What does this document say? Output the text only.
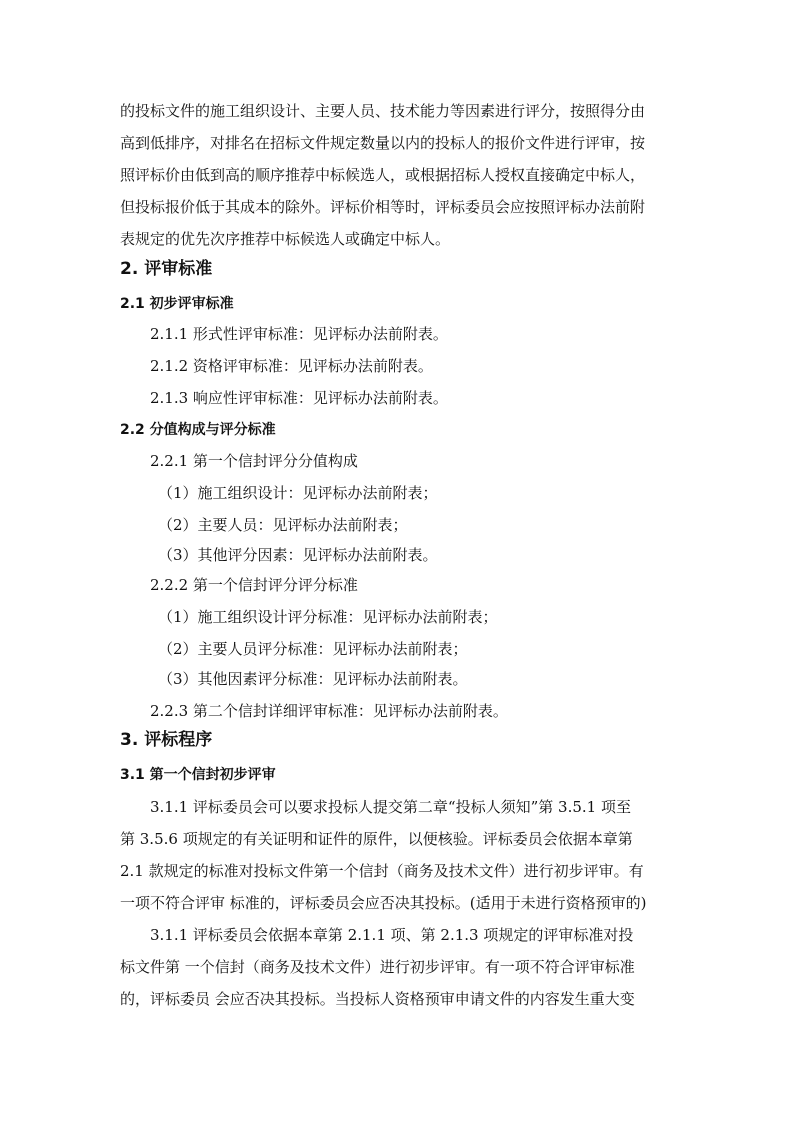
的投标文件的施工组织设计、主要人员、技术能力等因素进行评分，按照得分由
高到低排序，对排名在招标文件规定数量以内的投标人的报价文件进行评审，按
照评标价由低到高的顺序推荐中标候选人，或根据招标人授权直接确定中标人，
但投标报价低于其成本的除外。评标价相等时，评标委员会应按照评标办法前附
表规定的优先次序推荐中标候选人或确定中标人。
2. 评审标准
2.1 初步评审标准
2.1.1 形式性评审标准：见评标办法前附表。
2.1.2 资格评审标准：见评标办法前附表。
2.1.3 响应性评审标准：见评标办法前附表。
2.2 分值构成与评分标准
2.2.1 第一个信封评分分值构成
（1）施工组织设计：见评标办法前附表；
（2）主要人员：见评标办法前附表；
（3）其他评分因素：见评标办法前附表。
2.2.2 第一个信封评分评分标准
（1）施工组织设计评分标准：见评标办法前附表；
（2）主要人员评分标准：见评标办法前附表；
（3）其他因素评分标准：见评标办法前附表。
2.2.3 第二个信封详细评审标准：见评标办法前附表。
3. 评标程序
3.1 第一个信封初步评审
3.1.1 评标委员会可以要求投标人提交第二章“投标人须知”第 3.5.1 项至
第 3.5.6 项规定的有关证明和证件的原件，以便核验。评标委员会依据本章第
2.1 款规定的标准对投标文件第一个信封（商务及技术文件）进行初步评审。有
一项不符合评审 标准的，评标委员会应否决其投标。(适用于未进行资格预审的)
3.1.1 评标委员会依据本章第 2.1.1 项、第 2.1.3 项规定的评审标准对投
标文件第 一个信封（商务及技术文件）进行初步评审。有一项不符合评审标准
的，评标委员 会应否决其投标。当投标人资格预审申请文件的内容发生重大变
